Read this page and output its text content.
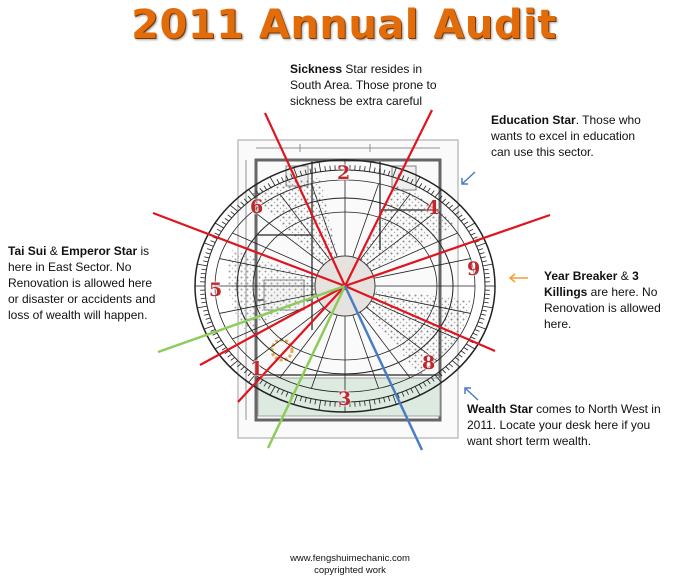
2011 Annual Audit
2
4
6
9
5
1	8
3
Sickness Star resides in South Area. Those prone to sickness be extra careful
Education Star. Those who wants to excel in education can use this sector.
Tai Sui & Emperor Star is here in East Sector. No Renovation is allowed here or disaster or accidents and loss of wealth will happen.
Year Breaker & 3 Killings are here. No Renovation is allowed here.
Wealth Star comes to North West in 2011. Locate your desk here if you want short term wealth.
www.fengshuimechanic.com
copyrighted work
